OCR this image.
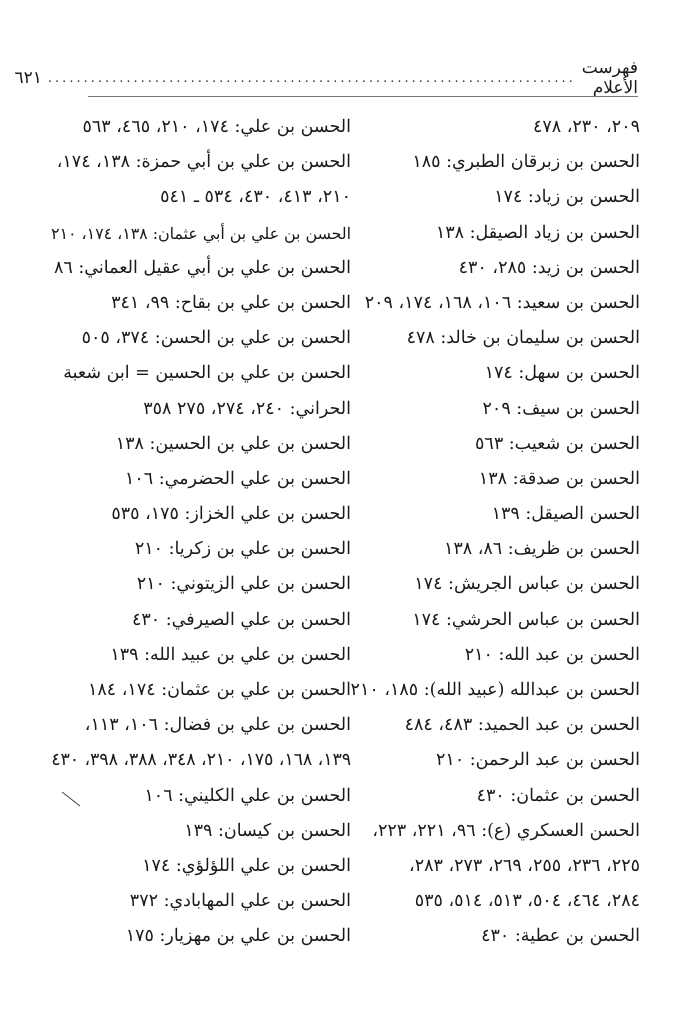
فهرست الأعلام
..........................................................................
٦٢١
٢٠٩، ٢٣٠، ٤٧٨
الحسن بن زبرقان الطبري: ١٨٥
الحسن بن زياد: ١٧٤
الحسن بن زياد الصيقل: ١٣٨
الحسن بن زيد: ٢٨٥، ٤٣٠
الحسن بن سعيد: ١٠٦، ١٦٨، ١٧٤، ٢٠٩
الحسن بن سليمان بن خالد: ٤٧٨
الحسن بن سهل: ١٧٤
الحسن بن سيف: ٢٠٩
الحسن بن شعيب: ٥٦٣
الحسن بن صدقة: ١٣٨
الحسن الصيقل: ١٣٩
الحسن بن ظريف: ٨٦، ١٣٨
الحسن بن عباس الجريش: ١٧٤
الحسن بن عباس الحرشي: ١٧٤
الحسن بن عبد الله: ٢١٠
الحسن بن عبدالله (عبيد الله): ١٨٥، ٢١٠
الحسن بن عبد الحميد: ٤٨٣، ٤٨٤
الحسن بن عبد الرحمن: ٢١٠
الحسن بن عثمان: ٤٣٠
الحسن العسكري (ع): ٩٦، ٢٢١، ٢٢٣،
٢٢٥، ٢٣٦، ٢٥٥، ٢٦٩، ٢٧٣، ٢٨٣،
٢٨٤، ٤٦٤، ٥٠٤، ٥١٣، ٥١٤، ٥٣٥
الحسن بن عطية: ٤٣٠
الحسن بن علي: ١٧٤، ٢١٠، ٤٦٥، ٥٦٣
الحسن بن علي بن أبي حمزة: ١٣٨، ١٧٤،
٢١٠، ٤١٣، ٤٣٠، ٥٣٤ ـ ٥٤١
الحسن بن علي بن أبي عثمان: ١٣٨، ١٧٤، ٢١٠
الحسن بن علي بن أبي عقيل العماني: ٨٦
الحسن بن علي بن بقاح: ٩٩، ٣٤١
الحسن بن علي بن الحسن: ٣٧٤، ٥٠٥
الحسن بن علي بن الحسين = ابن شعبة
الحراني: ٢٤٠، ٢٧٤، ٢٧٥ ٣٥٨
الحسن بن علي بن الحسين: ١٣٨
الحسن بن علي الحضرمي: ١٠٦
الحسن بن علي الخزاز: ١٧٥، ٥٣٥
الحسن بن علي بن زكريا: ٢١٠
الحسن بن علي الزيتوني: ٢١٠
الحسن بن علي الصيرفي: ٤٣٠
الحسن بن علي بن عبيد الله: ١٣٩
الحسن بن علي بن عثمان: ١٧٤، ١٨٤
الحسن بن علي بن فضال: ١٠٦، ١١٣،
١٣٩، ١٦٨، ١٧٥، ٢١٠، ٣٤٨، ٣٨٨، ٣٩٨، ٤٣٠
الحسن بن علي الكليني: ١٠٦
الحسن بن كيسان: ١٣٩
الحسن بن علي اللؤلؤي: ١٧٤
الحسن بن علي المهابادي: ٣٧٢
الحسن بن علي بن مهزيار: ١٧٥
